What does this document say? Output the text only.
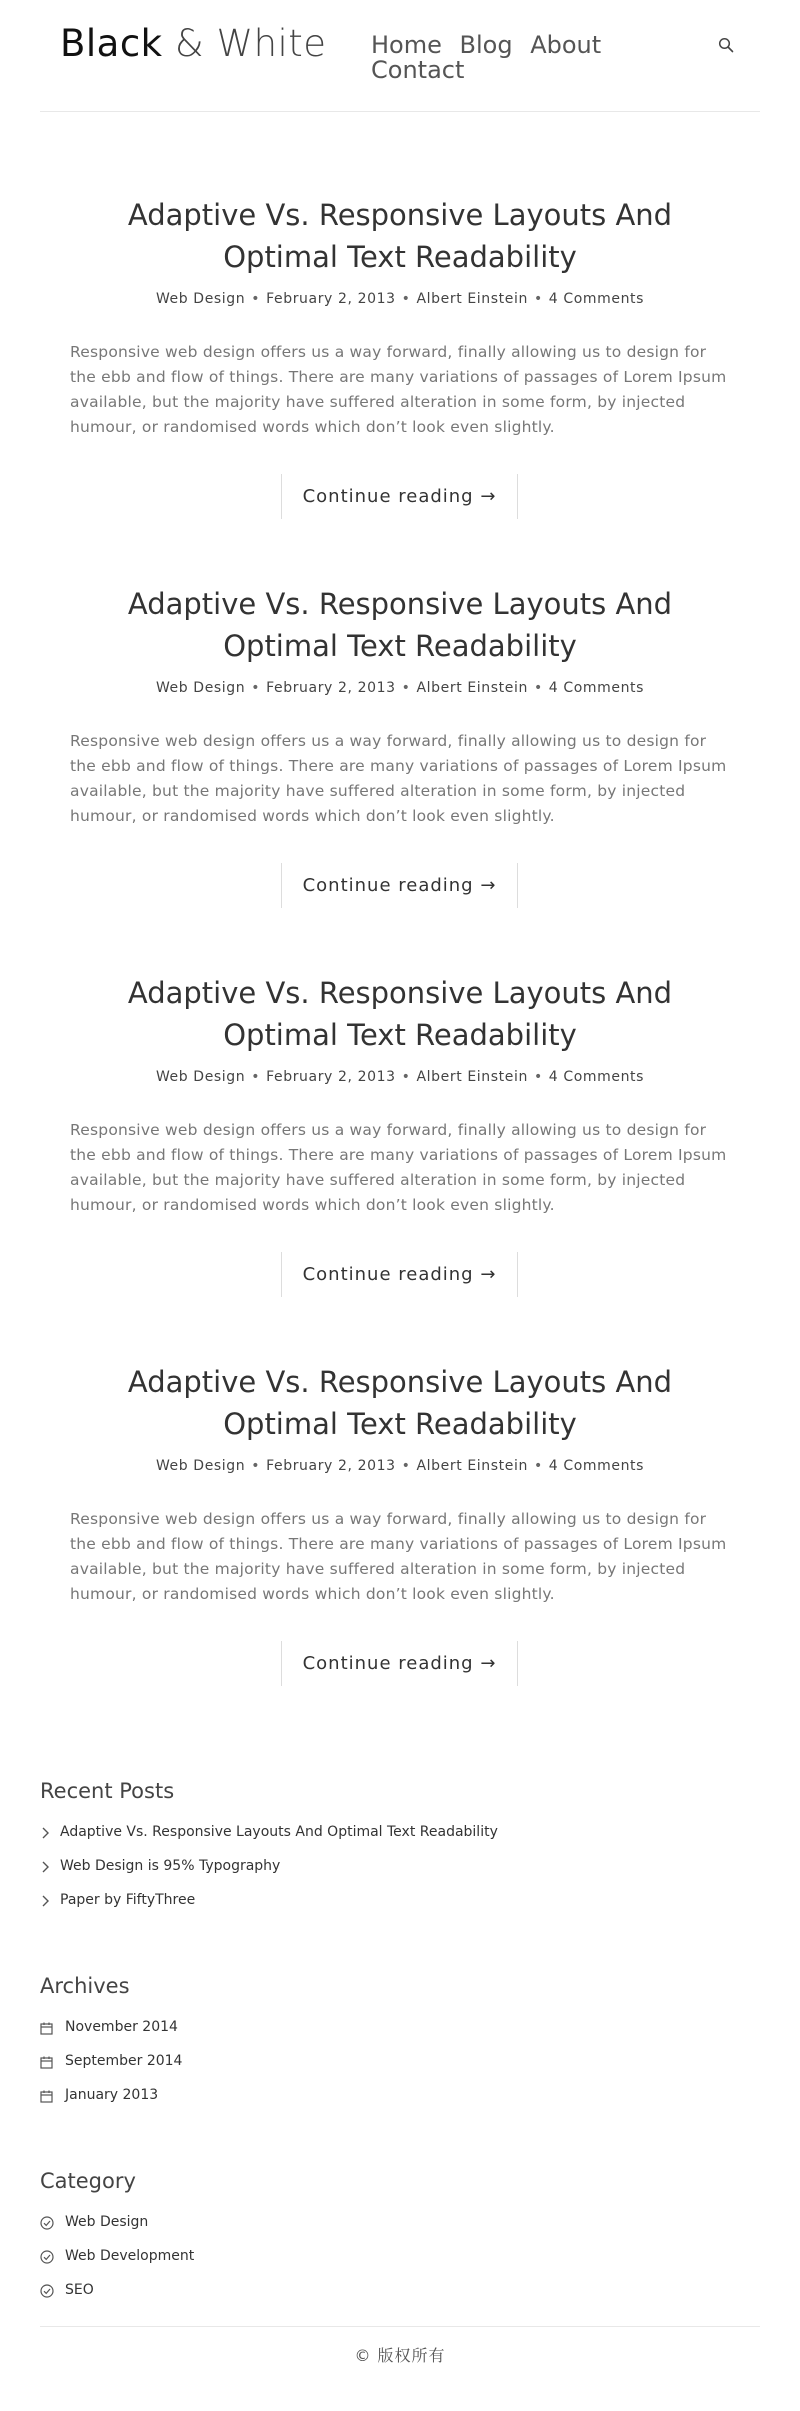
Black & White Home Blog About Contact
Adaptive Vs. Responsive Layouts And Optimal Text Readability
Web Design • February 2, 2013 • Albert Einstein • 4 Comments

Responsive web design offers us a way forward, finally allowing us to design for the ebb and flow of things. There are many variations of passages of Lorem Ipsum available, but the majority have suffered alteration in some form, by injected humour, or randomised words which don’t look even slightly.

Continue reading →
Adaptive Vs. Responsive Layouts And Optimal Text Readability
Web Design • February 2, 2013 • Albert Einstein • 4 Comments

Responsive web design offers us a way forward, finally allowing us to design for the ebb and flow of things. There are many variations of passages of Lorem Ipsum available, but the majority have suffered alteration in some form, by injected humour, or randomised words which don’t look even slightly.

Continue reading →
Adaptive Vs. Responsive Layouts And Optimal Text Readability
Web Design • February 2, 2013 • Albert Einstein • 4 Comments

Responsive web design offers us a way forward, finally allowing us to design for the ebb and flow of things. There are many variations of passages of Lorem Ipsum available, but the majority have suffered alteration in some form, by injected humour, or randomised words which don’t look even slightly.

Continue reading →
Adaptive Vs. Responsive Layouts And Optimal Text Readability
Web Design • February 2, 2013 • Albert Einstein • 4 Comments

Responsive web design offers us a way forward, finally allowing us to design for the ebb and flow of things. There are many variations of passages of Lorem Ipsum available, but the majority have suffered alteration in some form, by injected humour, or randomised words which don’t look even slightly.

Continue reading →
Recent Posts
Adaptive Vs. Responsive Layouts And Optimal Text Readability
Web Design is 95% Typography
Paper by FiftyThree
Archives
November 2014
September 2014
January 2013
Category
Web Design
Web Development
SEO
© 版权所有
